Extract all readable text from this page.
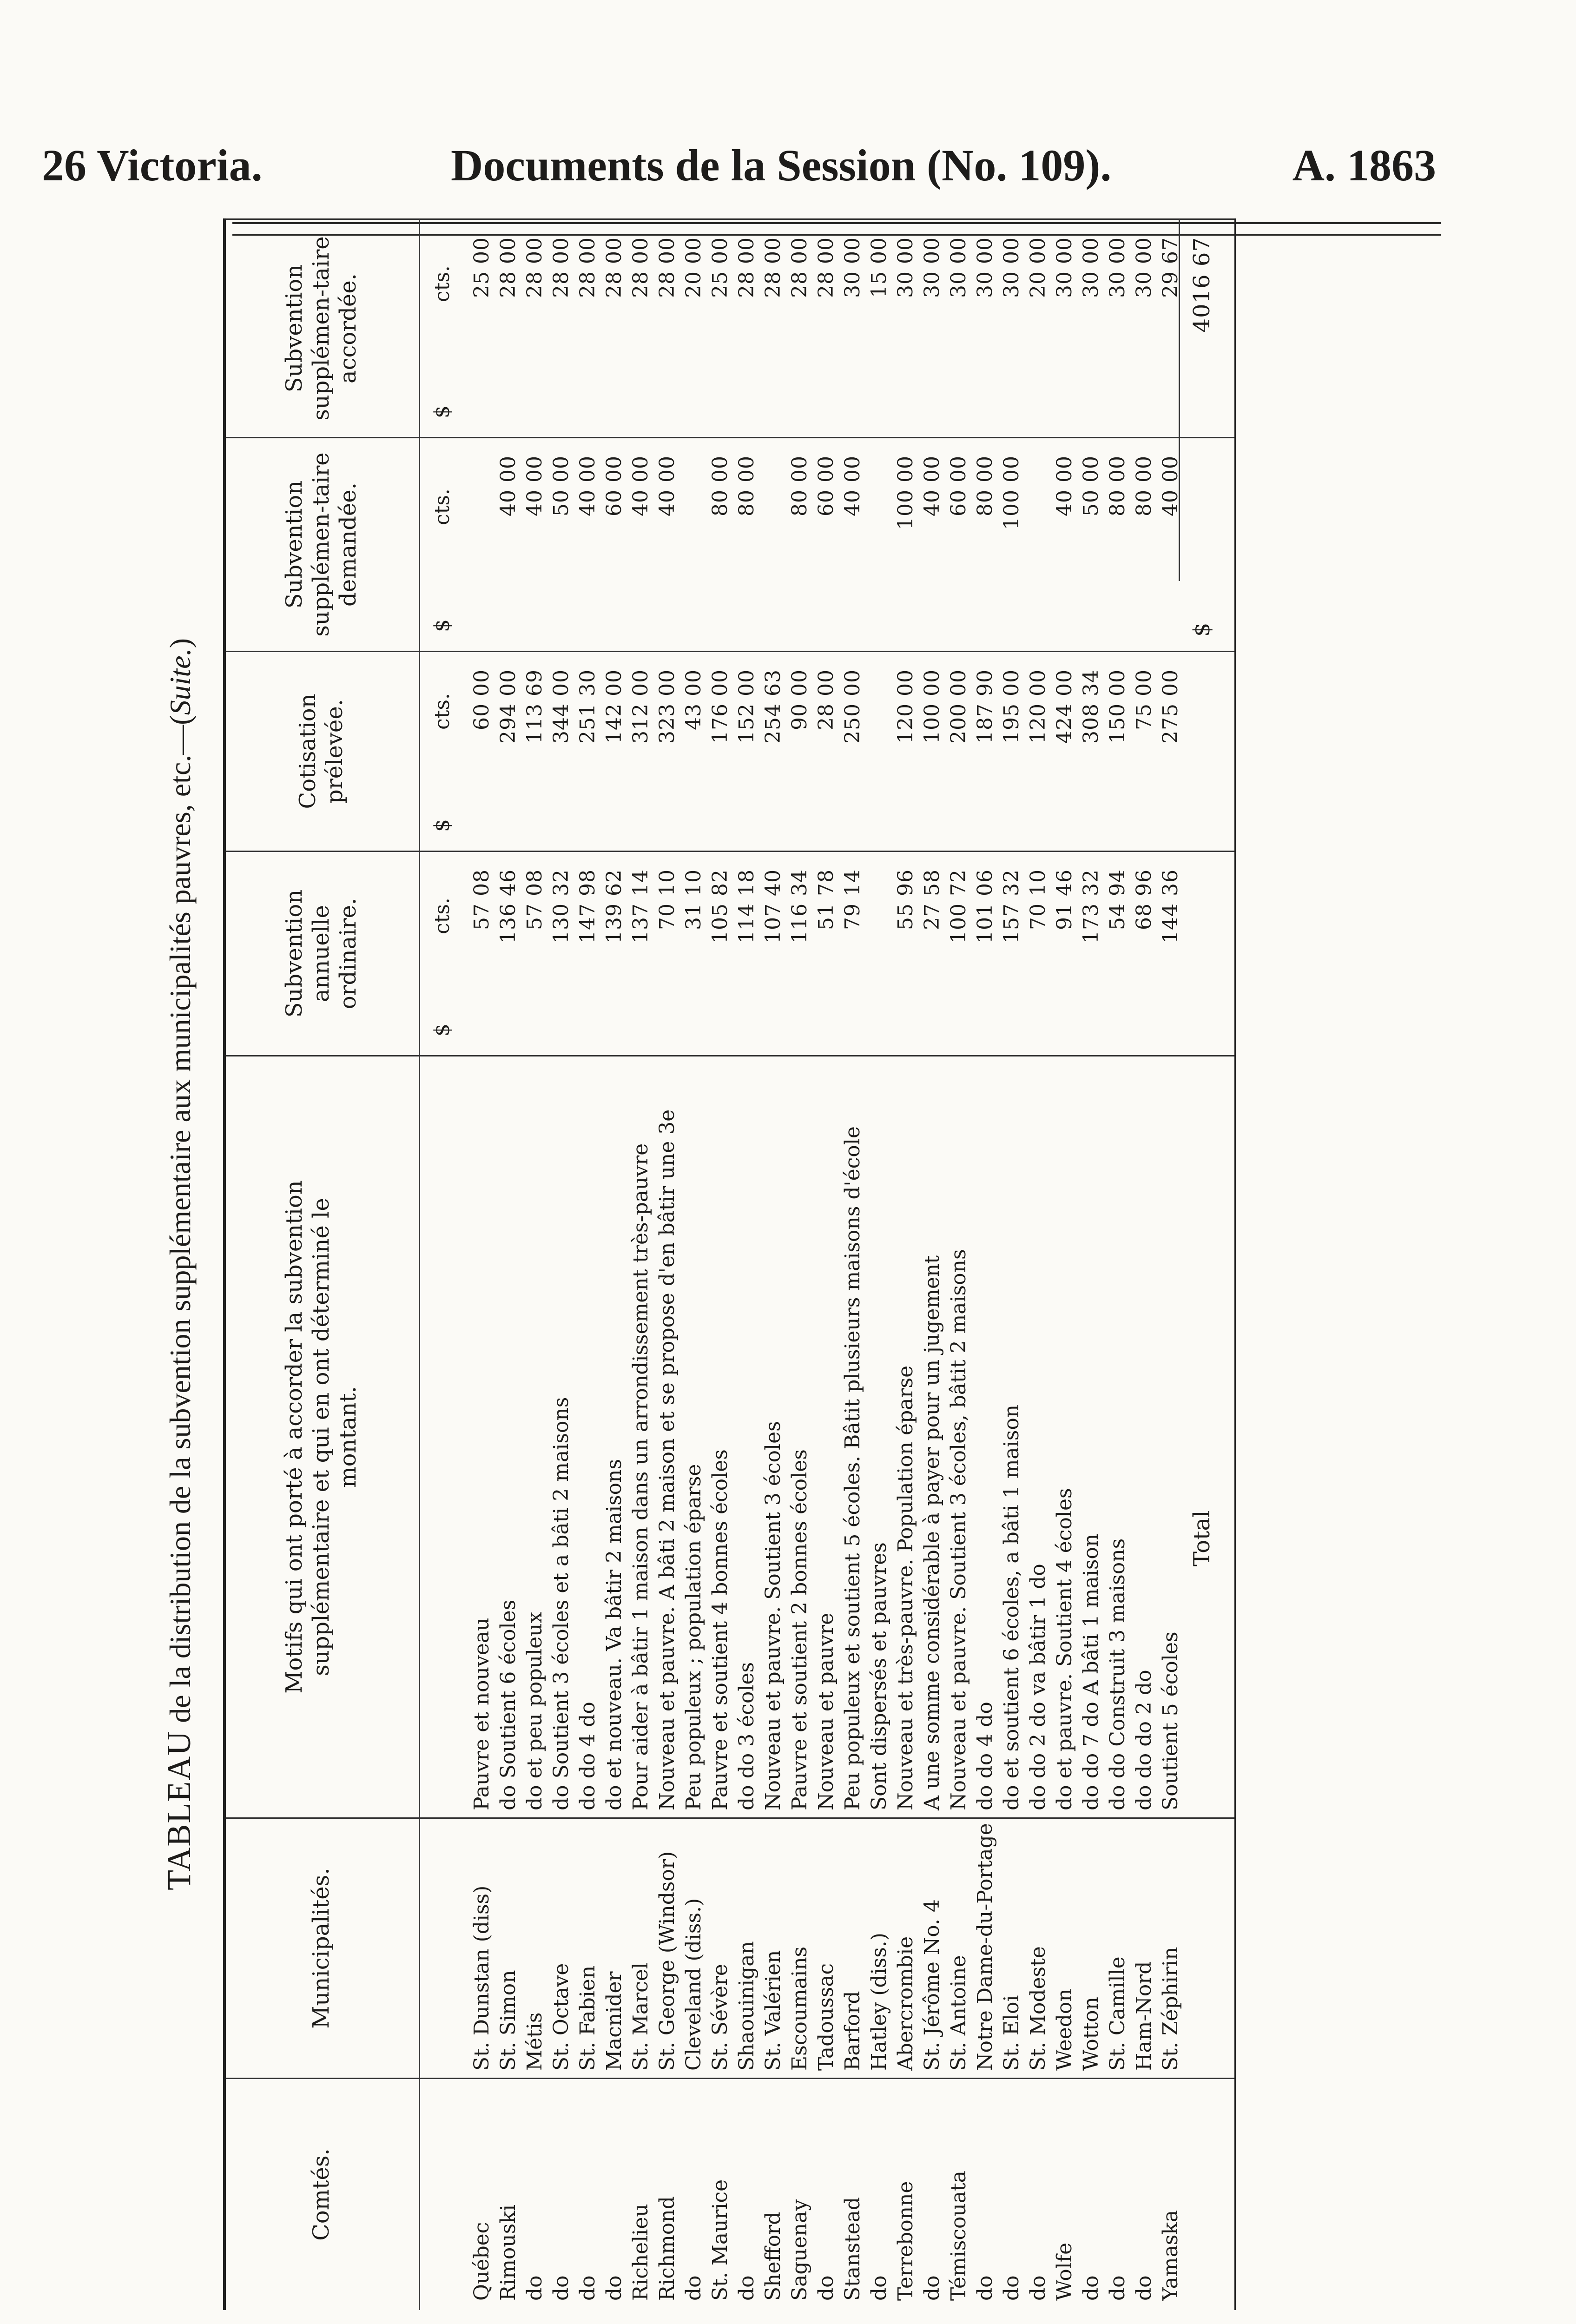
26 Victoria.	Documents de la Session (No. 109).	A. 1863
TABLEAU de la distribution de la subvention supplémentaire aux municipalités pauvres, etc.—(Suite.)
Comtés.
Municipalités.
Motifs qui ont porté à accorder la subvention supplémentaire et qui en ont déterminé le montant.
Subvention annuelle ordinaire.
Cotisation prélevée.
Subvention supplémen-taire demandée.
Subvention supplémen-taire accordée.
$
cts.
$
cts.
$
cts.
$
cts.
Québec
St. Dunstan (diss)
Pauvre et nouveau
57 08
60 00
25 00
Rimouski
St. Simon
do Soutient 6 écoles
136 46
294 00
40 00
28 00
do
Métis
do et peu populeux
57 08
113 69
40 00
28 00
do
St. Octave
do Soutient 3 écoles et a bâti 2 maisons
130 32
344 00
50 00
28 00
do
St. Fabien
do do 4 do
147 98
251 30
40 00
28 00
do
Macnider
do et nouveau. Va bâtir 2 maisons
139 62
142 00
60 00
28 00
Richelieu
St. Marcel
Pour aider à bâtir 1 maison dans un arrondissement très-pauvre
137 14
312 00
40 00
28 00
Richmond
St. George (Windsor)
Nouveau et pauvre. A bâti 2 maison et se propose d'en bâtir une 3e
70 10
323 00
40 00
28 00
do
Cleveland (diss.)
Peu populeux ; population éparse
31 10
43 00
20 00
St. Maurice
St. Sévère
Pauvre et soutient 4 bonnes écoles
105 82
176 00
80 00
25 00
do
Shaouinigan
do do 3 écoles
114 18
152 00
80 00
28 00
Shefford
St. Valérien
Nouveau et pauvre. Soutient 3 écoles
107 40
254 63
28 00
Saguenay
Escoumains
Pauvre et soutient 2 bonnes écoles
116 34
90 00
80 00
28 00
do
Tadoussac
Nouveau et pauvre
51 78
28 00
60 00
28 00
Stanstead
Barford
Peu populeux et soutient 5 écoles. Bâtit plusieurs maisons d'école
79 14
250 00
40 00
30 00
do
Hatley (diss.)
Sont dispersés et pauvres
15 00
Terrebonne
Abercrombie
Nouveau et très-pauvre. Population éparse
55 96
120 00
100 00
30 00
do
St. Jérôme No. 4
A une somme considérable à payer pour un jugement
27 58
100 00
40 00
30 00
Témiscouata
St. Antoine
Nouveau et pauvre. Soutient 3 écoles, bâtit 2 maisons
100 72
200 00
60 00
30 00
do
Notre Dame-du-Portage
do do 4 do
101 06
187 90
80 00
30 00
do
St. Eloi
do et soutient 6 écoles, a bâti 1 maison
157 32
195 00
100 00
30 00
do
St. Modeste
do do 2 do va bâtir 1 do
70 10
120 00
20 00
Wolfe
Weedon
do et pauvre. Soutient 4 écoles
91 46
424 00
40 00
30 00
do
Wotton
do do 7 do A bâti 1 maison
173 32
308 34
50 00
30 00
do
St. Camille
do do Construit 3 maisons
54 94
150 00
80 00
30 00
do
Ham-Nord
do do do 2 do
68 96
75 00
80 00
30 00
Yamaska
St. Zéphirin
Soutient 5 écoles
144 36
275 00
40 00
29 67
Total
$
4016 67
